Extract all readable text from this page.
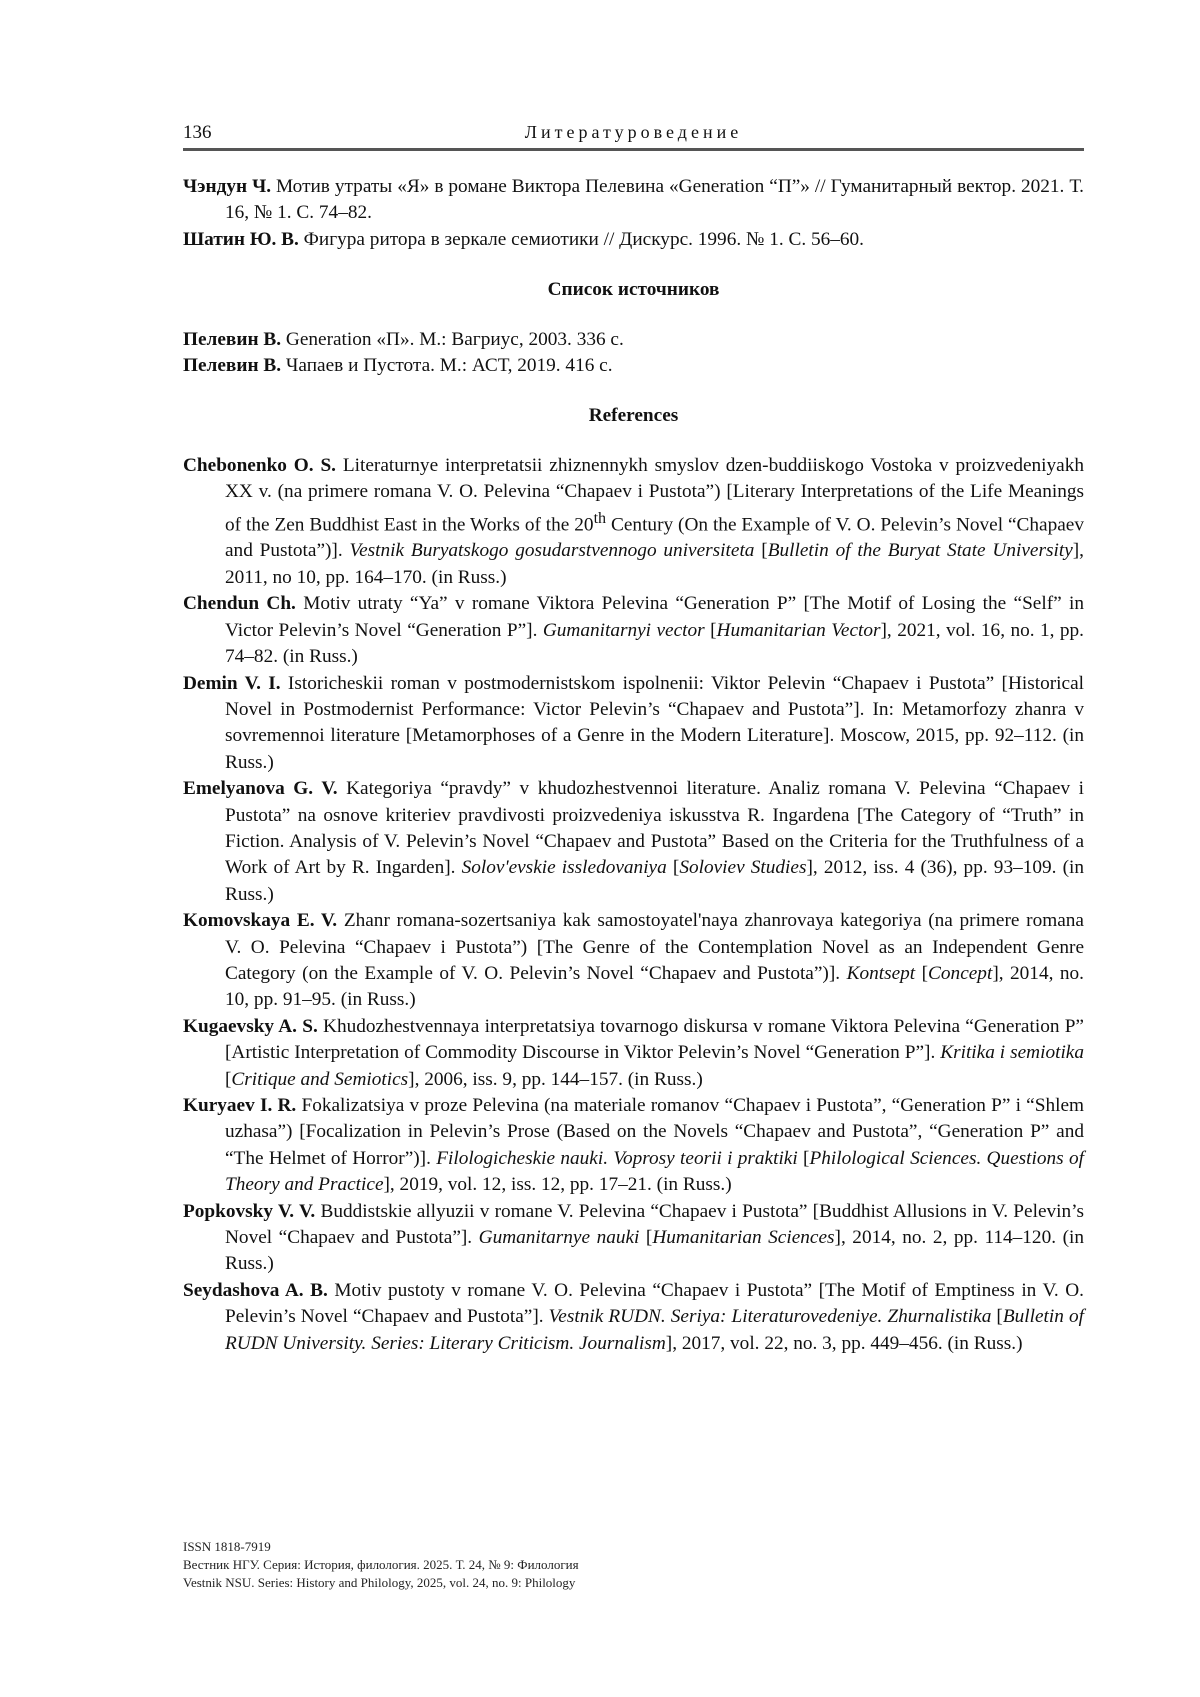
136	Литературоведение

Чэндун Ч. Мотив утраты «Я» в романе Виктора Пелевина «Generation “П”» // Гуманитарный вектор. 2021. Т. 16, № 1. С. 74–82.

Шатин Ю. В. Фигура ритора в зеркале семиотики // Дискурс. 1996. № 1. С. 56–60.

Список источников

Пелевин В. Generation «П». М.: Вагриус, 2003. 336 с.

Пелевин В. Чапаев и Пустота. М.: АСТ, 2019. 416 с.

References

Chebonenko O. S. Literaturnye interpretatsii zhiznennykh smyslov dzen-buddiiskogo Vostoka v proizvedeniyakh XX v. (na primere romana V. O. Pelevina “Chapaev i Pustota”) [Literary Interpretations of the Life Meanings of the Zen Buddhist East in the Works of the 20th Century (On the Example of V. O. Pelevin’s Novel “Chapaev and Pustota”)]. Vestnik Buryatskogo gosudarstvennogo universiteta [Bulletin of the Buryat State University], 2011, no 10, pp. 164–170. (in Russ.)

Chendun Ch. Motiv utraty “Ya” v romane Viktora Pelevina “Generation P” [The Motif of Losing the “Self” in Victor Pelevin’s Novel “Generation P”]. Gumanitarnyi vector [Humanitarian Vector], 2021, vol. 16, no. 1, pp. 74–82. (in Russ.)

Demin V. I. Istoricheskii roman v postmodernistskom ispolnenii: Viktor Pelevin “Chapaev i Pustota” [Historical Novel in Postmodernist Performance: Victor Pelevin’s “Chapaev and Pustota”]. In: Metamorfozy zhanra v sovremennoi literature [Metamorphoses of a Genre in the Modern Literature]. Moscow, 2015, pp. 92–112. (in Russ.)

Emelyanova G. V. Kategoriya “pravdy” v khudozhestvennoi literature. Analiz romana V. Pelevina “Chapaev i Pustota” na osnove kriteriev pravdivosti proizvedeniya iskusstva R. Ingardena [The Category of “Truth” in Fiction. Analysis of V. Pelevin’s Novel “Chapaev and Pustota” Based on the Criteria for the Truthfulness of a Work of Art by R. Ingarden]. Solov'evskie issledovaniya [Soloviev Studies], 2012, iss. 4 (36), pp. 93–109. (in Russ.)

Komovskaya E. V. Zhanr romana-sozertsaniya kak samostoyatel'naya zhanrovaya kategoriya (na primere romana V. O. Pelevina “Chapaev i Pustota”) [The Genre of the Contemplation Novel as an Independent Genre Category (on the Example of V. O. Pelevin’s Novel “Chapaev and Pustota”)]. Kontsept [Concept], 2014, no. 10, pp. 91–95. (in Russ.)

Kugaevsky A. S. Khudozhestvennaya interpretatsiya tovarnogo diskursa v romane Viktora Pelevina “Generation P” [Artistic Interpretation of Commodity Discourse in Viktor Pelevin’s Novel “Generation P”]. Kritika i semiotika [Critique and Semiotics], 2006, iss. 9, pp. 144–157. (in Russ.)

Kuryaev I. R. Fokalizatsiya v proze Pelevina (na materiale romanov “Chapaev i Pustota”, “Generation P” i “Shlem uzhasa”) [Focalization in Pelevin’s Prose (Based on the Novels “Chapaev and Pustota”, “Generation P” and “The Helmet of Horror”)]. Filologicheskie nauki. Voprosy teorii i praktiki [Philological Sciences. Questions of Theory and Practice], 2019, vol. 12, iss. 12, pp. 17–21. (in Russ.)

Popkovsky V. V. Buddistskie allyuzii v romane V. Pelevina “Chapaev i Pustota” [Buddhist Allusions in V. Pelevin’s Novel “Chapaev and Pustota”]. Gumanitarnye nauki [Humanitarian Sciences], 2014, no. 2, pp. 114–120. (in Russ.)

Seydashova A. B. Motiv pustoty v romane V. O. Pelevina “Chapaev i Pustota” [The Motif of Emptiness in V. O. Pelevin’s Novel “Chapaev and Pustota”]. Vestnik RUDN. Seriya: Literaturovedeniye. Zhurnalistika [Bulletin of RUDN University. Series: Literary Criticism. Journalism], 2017, vol. 22, no. 3, pp. 449–456. (in Russ.)

ISSN 1818-7919
Вестник НГУ. Серия: История, филология. 2025. Т. 24, № 9: Филология
Vestnik NSU. Series: History and Philology, 2025, vol. 24, no. 9: Philology
